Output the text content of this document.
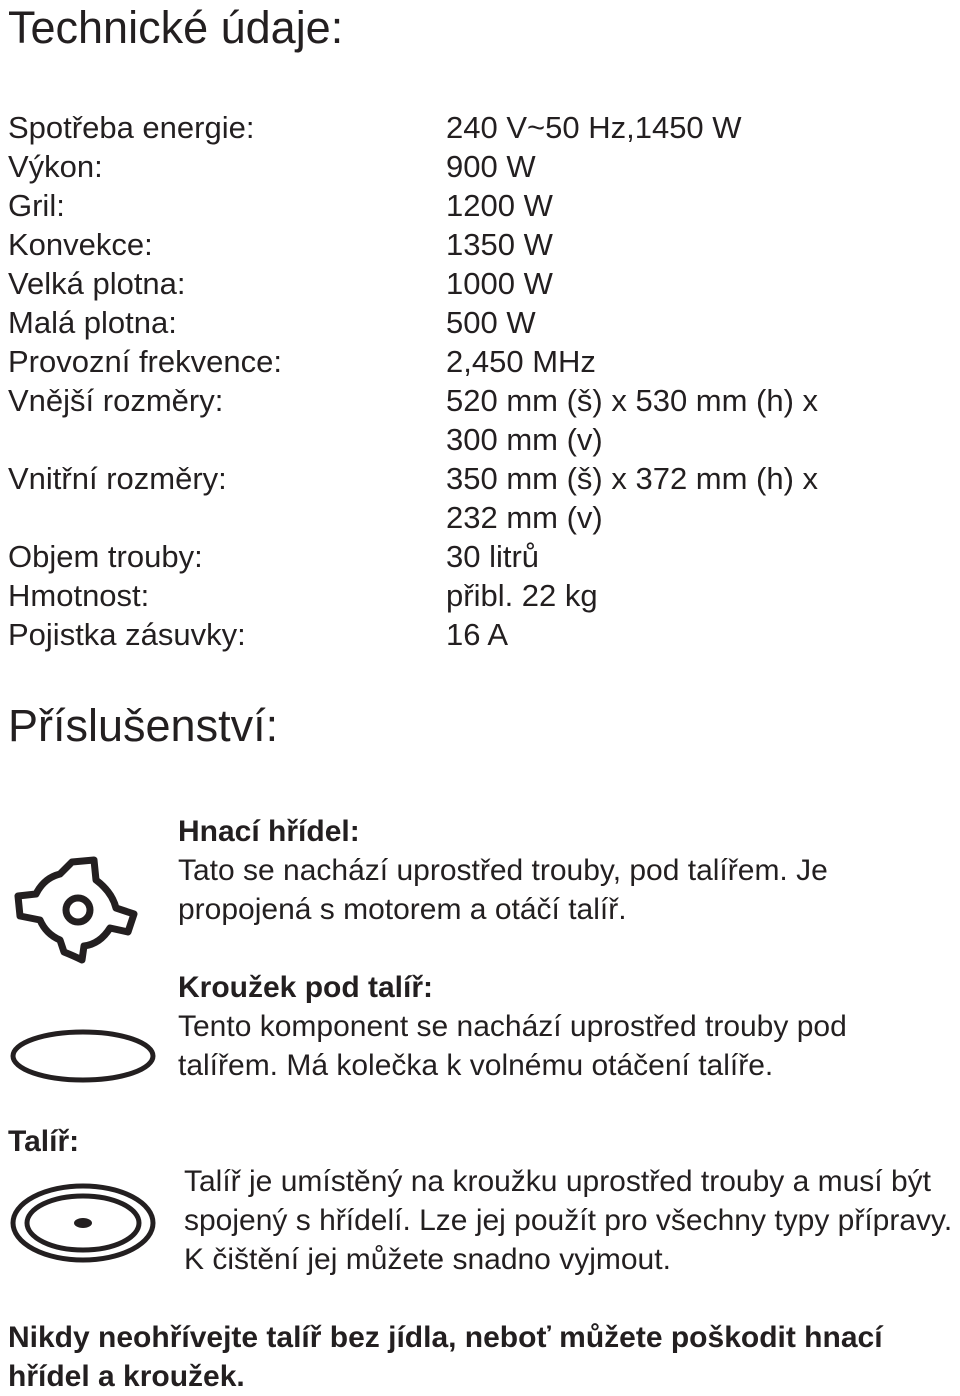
Technické údaje:
Spotřeba energie:	240 V~50 Hz,1450 W
Výkon:	900 W
Gril:	1200 W
Konvekce:	1350 W
Velká plotna:	1000 W
Malá plotna:	500 W
Provozní frekvence:	2,450 MHz
Vnější rozměry:	520 mm (š) x 530 mm (h) x
300 mm (v)
Vnitřní rozměry:	350 mm (š) x 372 mm (h) x
232 mm (v)
Objem trouby:	30 litrů
Hmotnost:	přibl. 22 kg
Pojistka zásuvky:	16 A
Příslušenství:
Hnací hřídel:

Tato se nachází uprostřed trouby, pod talířem. Je propojená s motorem a otáčí talíř.

Kroužek pod talíř:

Tento komponent se nachází uprostřed trouby pod talířem. Má kolečka k volnému otáčení talíře.

Talíř:

Talíř je umístěný na kroužku uprostřed trouby a musí být spojený s hřídelí. Lze jej použít pro všechny typy přípravy. K čištění jej můžete snadno vyjmout.

Nikdy neohřívejte talíř bez jídla, neboť můžete poškodit hnací hřídel a kroužek.
